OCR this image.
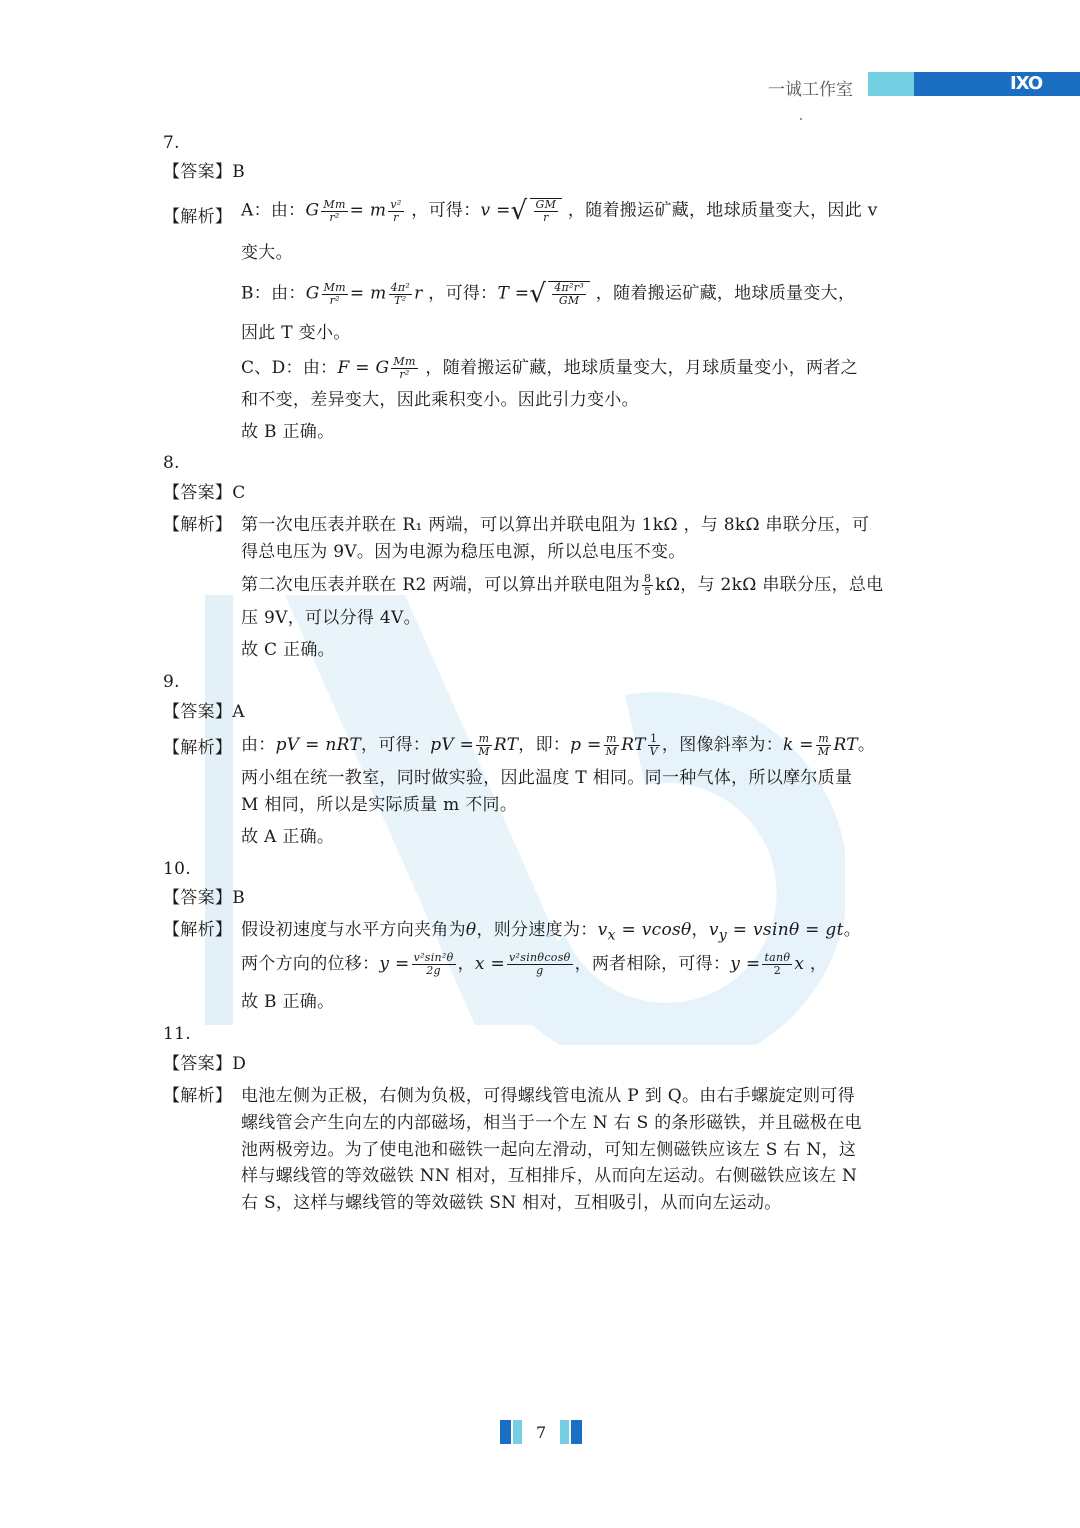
一诚工作室	IXO
7.
【答案】B
【解析】 A：由：G $\frac{Mm}{\text{r²}} = m \frac{\text{v²}}{r}$ ，可得：v =√ $\frac{GM}{r}$ ，随着搬运矿藏，地球质量变大，因此 v
变大。
B：由：G $\frac{Mm}{\text{r²}} = m \frac{\text{4π²}}{\text{T²}}$ r ，可得：T =√ $\frac{\text{4π²r³}}{GM}$ ，随着搬运矿藏，地球质量变大，
因此 T 变小。
C、D：由：F = G $\frac{Mm}{\text{r²}}$ ，随着搬运矿藏，地球质量变大，月球质量变小，两者之
和不变，差异变大，因此乘积变小。因此引力变小。
故 B 正确。
8.
【答案】C
【解析】 第一次电压表并联在 R₁ 两端，可以算出并联电阻为 1kΩ ，与 8kΩ 串联分压，可
得总电压为 9V。因为电源为稳压电源，所以总电压不变。
第二次电压表并联在 R2 两端，可以算出并联电阻为 $\frac{8}{5}$ kΩ，与 2kΩ 串联分压，总电
压 9V，可以分得 4V。
故 C 正确。
9.
【答案】A
【解析】 由：pV = nRT，可得：pV = $\frac{m}{M}$ RT，即：$p = \frac{m}{M}$ RT $\frac{1}{V}$ ，图像斜率为：$k = \frac{m}{M}$ RT。
两小组在统一教室，同时做实验，因此温度 T 相同。同一种气体，所以摩尔质量
M 相同，所以是实际质量 m 不同。
故 A 正确。
10.
【答案】B
【解析】 假设初速度与水平方向夹角为θ，则分速度为：$v_x = vcos\theta$，$v_y = vsin\theta$ = gt。
两个方向的位移：$y = \frac{\text{v²sin²θ}}{2g}$ ，$x = \frac{\text{v²sinθcosθ}}{g}$ ，两者相除，可得：$y = \frac{\tan\theta}{2}$ x ，
故 B 正确。
11.
【答案】D
【解析】 电池左侧为正极，右侧为负极，可得螺线管电流从 P 到 Q。由右手螺旋定则可得
螺线管会产生向左的内部磁场，相当于一个左 N 右 S 的条形磁铁，并且磁极在电
池两极旁边。为了使电池和磁铁一起向左滑动，可知左侧磁铁应该左 S 右 N，这
样与螺线管的等效磁铁 NN 相对，互相排斥，从而向左运动。右侧磁铁应该左 N
右 S，这样与螺线管的等效磁铁 SN 相对，互相吸引，从而向左运动。
7
